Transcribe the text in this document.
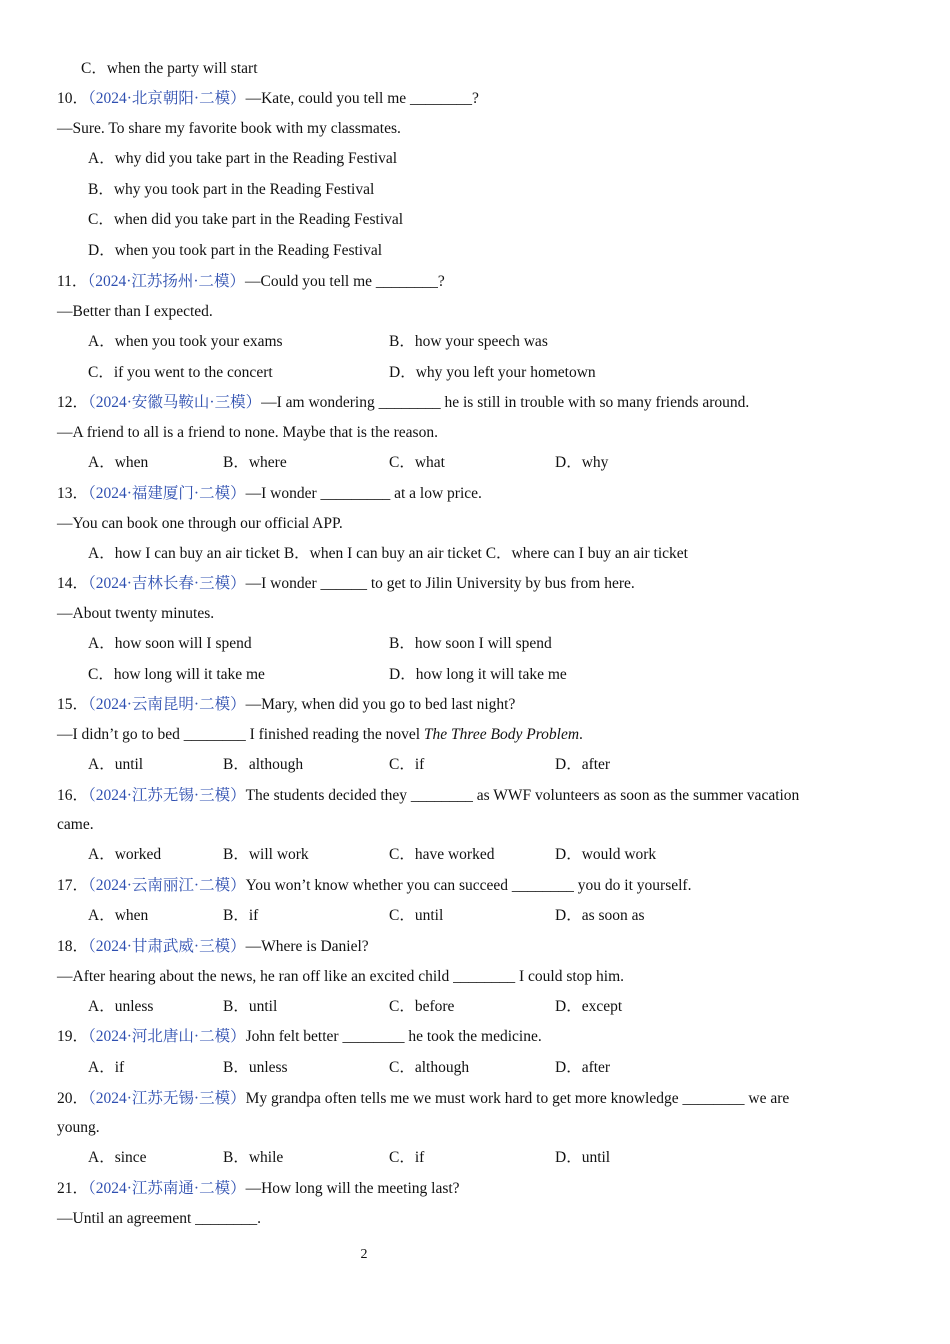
C．when the party will start
10．（2024·北京朝阳·二模）—Kate, could you tell me ________?
—Sure. To share my favorite book with my classmates.
A．why did you take part in the Reading Festival
B．why you took part in the Reading Festival
C．when did you take part in the Reading Festival
D．when you took part in the Reading Festival
11．（2024·江苏扬州·二模）—Could you tell me ________?
—Better than I expected.
A．when you took your exams	B．how your speech was
C．if you went to the concert	D．why you left your hometown
12．（2024·安徽马鞍山·三模）—I am wondering ________ he is still in trouble with so many friends around.
—A friend to all is a friend to none. Maybe that is the reason.
A．when	B．where	C．what	D．why
13．（2024·福建厦门·二模）—I wonder _________ at a low price.
—You can book one through our official APP.
A．how I can buy an air ticket B．when I can buy an air ticket C．where can I buy an air ticket
14．（2024·吉林长春·三模）—I wonder ______ to get to Jilin University by bus from here.
—About twenty minutes.
A．how soon will I spend	B．how soon I will spend
C．how long will it take me	D．how long it will take me
15．（2024·云南昆明·二模）—Mary, when did you go to bed last night?
—I didn’t go to bed ________ I finished reading the novel The Three Body Problem.
A．until	B．although	C．if	D．after
16．（2024·江苏无锡·三模）The students decided they ________ as WWF volunteers as soon as the summer vacation
came.
A．worked	B．will work	C．have worked	D．would work
17．（2024·云南丽江·二模）You won’t know whether you can succeed ________ you do it yourself.
A．when	B．if	C．until	D．as soon as
18．（2024·甘肃武威·三模）—Where is Daniel?
—After hearing about the news, he ran off like an excited child ________ I could stop him.
A．unless	B．until	C．before	D．except
19．（2024·河北唐山·二模）John felt better ________ he took the medicine.
A．if	B．unless	C．although	D．after
20．（2024·江苏无锡·三模）My grandpa often tells me we must work hard to get more knowledge ________ we are
young.
A．since	B．while	C．if	D．until
21．（2024·江苏南通·二模）—How long will the meeting last?
—Until an agreement ________.
2
